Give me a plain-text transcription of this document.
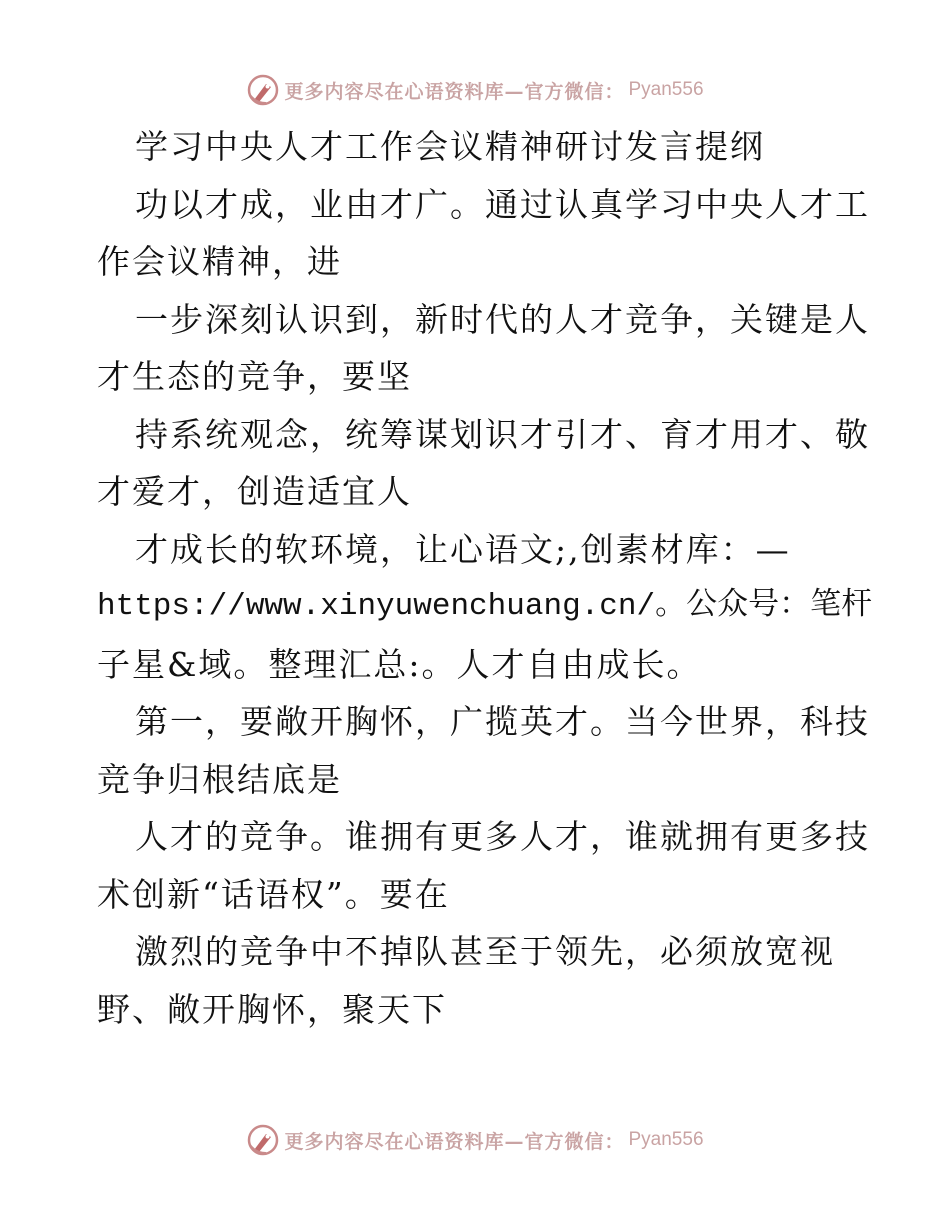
更多内容尽在心语资料库—官方微信： Pyan556
学习中央人才工作会议精神研讨发言提纲
功以才成，业由才广。通过认真学习中央人才工
作会议精神，进
一步深刻认识到，新时代的人才竞争，关键是人
才生态的竞争，要坚
持系统观念，统筹谋划识才引才、育才用才、敬
才爱才，创造适宜人
才成长的软环境，让心语文;,创素材库：—
https://www.xinyuwenchuang.cn/。公众号：笔杆
子星&域。整理汇总:。人才自由成长。
第一，要敞开胸怀，广揽英才。当今世界，科技
竞争归根结底是
人才的竞争。谁拥有更多人才，谁就拥有更多技
术创新“话语权”。要在
激烈的竞争中不掉队甚至于领先，必须放宽视
野、敞开胸怀，聚天下
更多内容尽在心语资料库—官方微信： Pyan556
